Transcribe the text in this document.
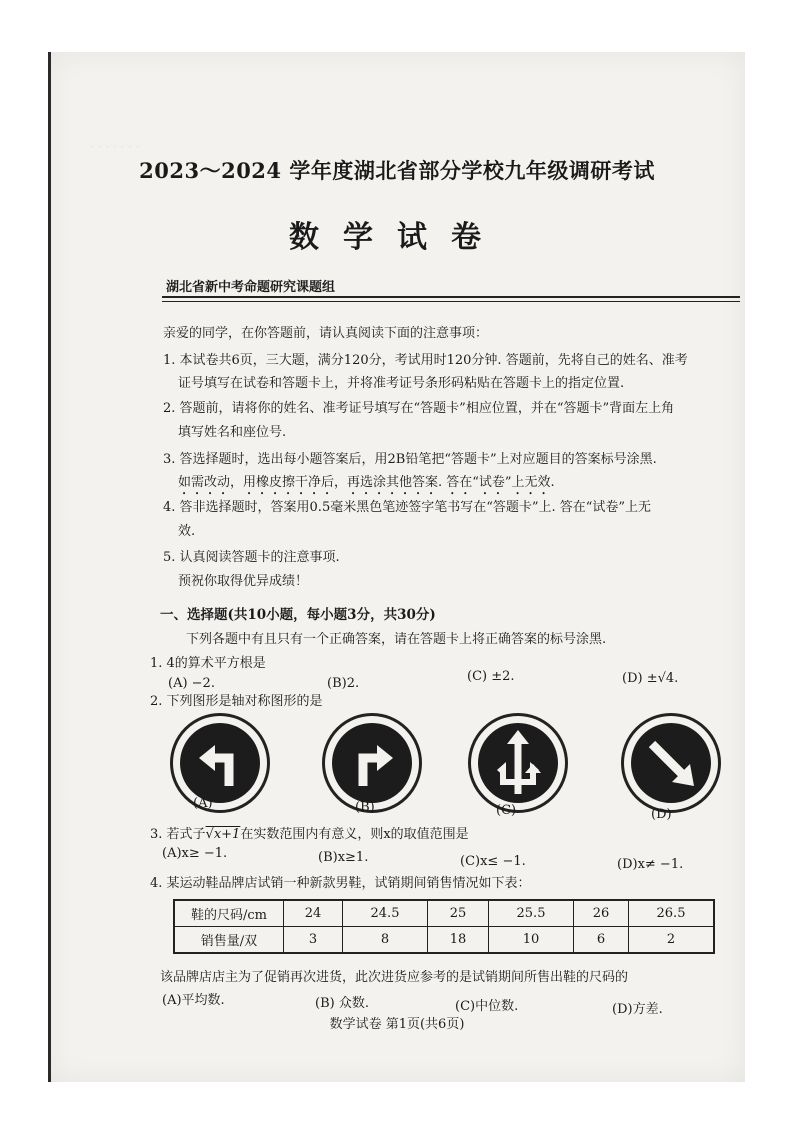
· · · · · · ·
2023～2024 学年度湖北省部分学校九年级调研考试
数学试卷
湖北省新中考命题研究课题组
亲爱的同学，在你答题前，请认真阅读下面的注意事项：
1. 本试卷共6页，三大题，满分120分，考试用时120分钟. 答题前，先将自己的姓名、准考
证号填写在试卷和答题卡上，并将准考证号条形码粘贴在答题卡上的指定位置.
2. 答题前，请将你的姓名、准考证号填写在“答题卡”相应位置，并在“答题卡”背面左上角
填写姓名和座位号.
3. 答选择题时，选出每小题答案后，用2B铅笔把“答题卡”上对应题目的答案标号涂黑.
如需改动，用橡皮擦干净后，再选涂其他答案. 答在“试卷”上无效.
4. 答非选择题时，答案用0.5毫米黑色笔迹签字笔书写在“答题卡”上. 答在“试卷”上无
效.
5. 认真阅读答题卡的注意事项.
预祝你取得优异成绩！
一、选择题(共10小题，每小题3分，共30分)
下列各题中有且只有一个正确答案，请在答题卡上将正确答案的标号涂黑.
1. 4的算术平方根是
(A) −2.	(B)2.	(C) ±2.	(D) ±√4.
2. 下列图形是轴对称图形的是
(A)	(B)	(C)	(D)
3. 若式子√x+1在实数范围内有意义，则x的取值范围是
(A)x≥ −1.	(B)x≥1.	(C)x≤ −1.	(D)x≠ −1.
4. 某运动鞋品牌店试销一种新款男鞋，试销期间销售情况如下表：
鞋的尺码/cm	24	24.5	25	25.5	26	26.5
销售量/双	3	8	18	10	6	2
该品牌店店主为了促销再次进货，此次进货应参考的是试销期间所售出鞋的尺码的
(A)平均数.	(B) 众数.	(C)中位数.	(D)方差.
数学试卷 第1页(共6页)
